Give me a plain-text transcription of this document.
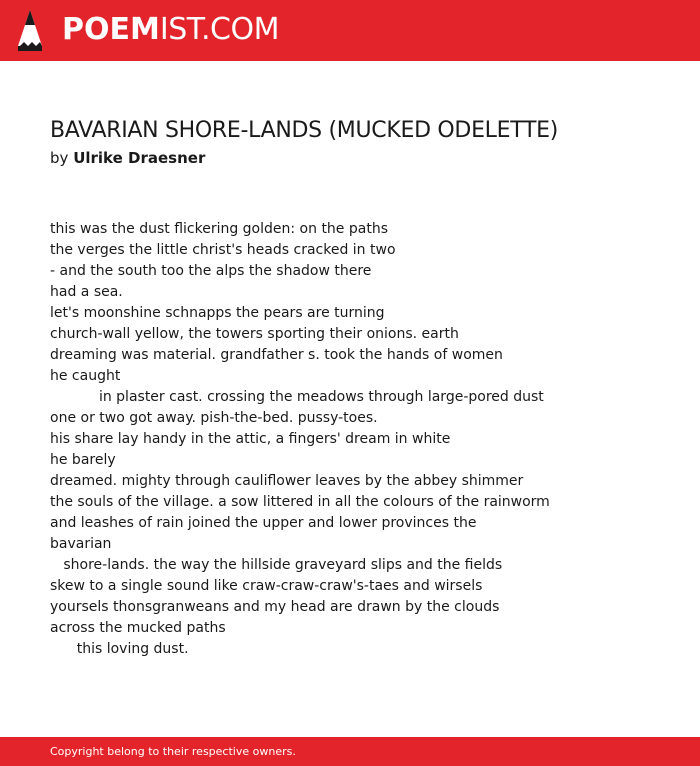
POEMIST.COM
BAVARIAN SHORE-LANDS (MUCKED ODELETTE)
by Ulrike Draesner
this was the dust flickering golden: on the paths
the verges the little christ's heads cracked in two
- and the south too the alps the shadow there
had a sea.
let's moonshine schnapps the pears are turning
church-wall yellow, the towers sporting their onions. earth
dreaming was material. grandfather s. took the hands of women
he caught
in plaster cast. crossing the meadows through large-pored dust
one or two got away. pish-the-bed. pussy-toes.
his share lay handy in the attic, a fingers' dream in white
he barely
dreamed. mighty through cauliflower leaves by the abbey shimmer
the souls of the village. a sow littered in all the colours of the rainworm
and leashes of rain joined the upper and lower provinces the
bavarian
shore-lands. the way the hillside graveyard slips and the fields
skew to a single sound like craw-craw-craw's-taes and wirsels
yoursels thonsgranweans and my head are drawn by the clouds
across the mucked paths
this loving dust.
Copyright belong to their respective owners.
